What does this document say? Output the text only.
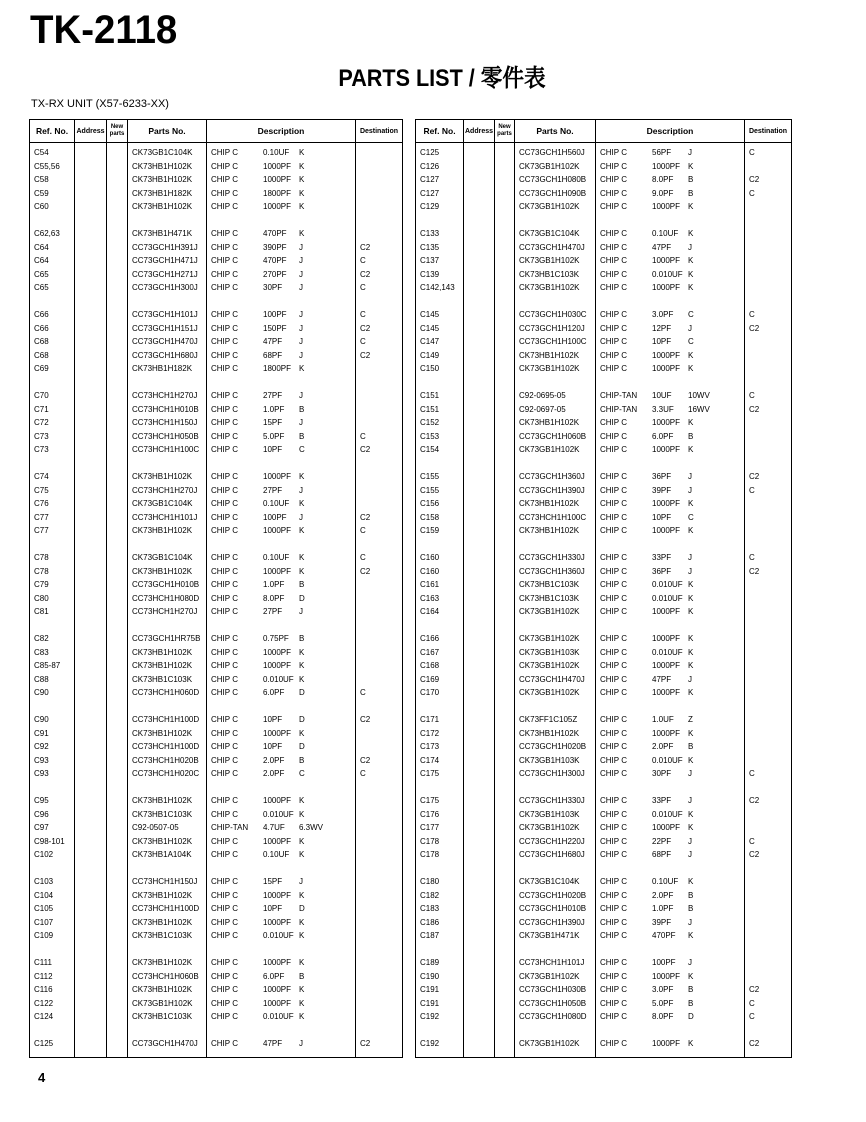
TK-2118
PARTS LIST / 零件表
TX-RX UNIT (X57-6233-XX)
Ref. No.	Address	New
parts	Parts No.	Description	Destination
C54			CK73GB1C104K	CHIP C 0.10UF K	
C55,56			CK73HB1H102K	CHIP C 1000PF K	
C58			CK73HB1H102K	CHIP C 1000PF K	
C59			CK73HB1H182K	CHIP C 1800PF K	
C60			CK73HB1H102K	CHIP C 1000PF K	

C62,63			CK73HB1H471K	CHIP C 470PF K	
C64			CC73GCH1H391J	CHIP C 390PF J	C2
C64			CC73GCH1H471J	CHIP C 470PF J	C
C65			CC73GCH1H271J	CHIP C 270PF J	C2
C65			CC73GCH1H300J	CHIP C 30PF J	C

C66			CC73GCH1H101J	CHIP C 100PF J	C
C66			CC73GCH1H151J	CHIP C 150PF J	C2
C68			CC73GCH1H470J	CHIP C 47PF J	C
C68			CC73GCH1H680J	CHIP C 68PF J	C2
C69			CK73HB1H182K	CHIP C 1800PF K	

C70			CC73HCH1H270J	CHIP C 27PF J	
C71			CC73HCH1H010B	CHIP C 1.0PF B	
C72			CC73HCH1H150J	CHIP C 15PF J	
C73			CC73HCH1H050B	CHIP C 5.0PF B	C
C73			CC73HCH1H100C	CHIP C 10PF C	C2

C74			CK73HB1H102K	CHIP C 1000PF K	
C75			CC73HCH1H270J	CHIP C 27PF J	
C76			CK73GB1C104K	CHIP C 0.10UF K	
C77			CC73HCH1H101J	CHIP C 100PF J	C2
C77			CK73HB1H102K	CHIP C 1000PF K	C

C78			CK73GB1C104K	CHIP C 0.10UF K	C
C78			CK73HB1H102K	CHIP C 1000PF K	C2
C79			CC73GCH1H010B	CHIP C 1.0PF B	
C80			CC73HCH1H080D	CHIP C 8.0PF D	
C81			CC73HCH1H270J	CHIP C 27PF J	

C82			CC73GCH1HR75B	CHIP C 0.75PF B	
C83			CK73HB1H102K	CHIP C 1000PF K	
C85-87			CK73HB1H102K	CHIP C 1000PF K	
C88			CK73HB1C103K	CHIP C 0.010UF K	
C90			CC73HCH1H060D	CHIP C 6.0PF D	C

C90			CC73HCH1H100D	CHIP C 10PF D	C2
C91			CK73HB1H102K	CHIP C 1000PF K	
C92			CC73HCH1H100D	CHIP C 10PF D	
C93			CC73HCH1H020B	CHIP C 2.0PF B	C2
C93			CC73HCH1H020C	CHIP C 2.0PF C	C

C95			CK73HB1H102K	CHIP C 1000PF K	
C96			CK73HB1C103K	CHIP C 0.010UF K	
C97			C92-0507-05	CHIP-TAN 4.7UF 6.3WV	
C98-101			CK73HB1H102K	CHIP C 1000PF K	
C102			CK73HB1A104K	CHIP C 0.10UF K	

C103			CC73HCH1H150J	CHIP C 15PF J	
C104			CK73HB1H102K	CHIP C 1000PF K	
C105			CC73HCH1H100D	CHIP C 10PF D	
C107			CK73HB1H102K	CHIP C 1000PF K	
C109			CK73HB1C103K	CHIP C 0.010UF K	

C111			CK73HB1H102K	CHIP C 1000PF K	
C112			CC73HCH1H060B	CHIP C 6.0PF B	
C116			CK73HB1H102K	CHIP C 1000PF K	
C122			CK73GB1H102K	CHIP C 1000PF K	
C124			CK73HB1C103K	CHIP C 0.010UF K	

C125			CC73GCH1H470J	CHIP C 47PF J	C2
Ref. No.	Address	New
parts	Parts No.	Description	Destination
C125			CC73GCH1H560J	CHIP C 56PF J	C
C126			CK73GB1H102K	CHIP C 1000PF K	
C127			CC73GCH1H080B	CHIP C 8.0PF B	C2
C127			CC73GCH1H090B	CHIP C 9.0PF B	C
C129			CK73GB1H102K	CHIP C 1000PF K	

C133			CK73GB1C104K	CHIP C 0.10UF K	
C135			CC73GCH1H470J	CHIP C 47PF J	
C137			CK73GB1H102K	CHIP C 1000PF K	
C139			CK73HB1C103K	CHIP C 0.010UF K	
C142,143			CK73GB1H102K	CHIP C 1000PF K	

C145			CC73GCH1H030C	CHIP C 3.0PF C	C
C145			CC73GCH1H120J	CHIP C 12PF J	C2
C147			CC73GCH1H100C	CHIP C 10PF C	
C149			CK73HB1H102K	CHIP C 1000PF K	
C150			CK73GB1H102K	CHIP C 1000PF K	

C151			C92-0695-05	CHIP-TAN 10UF 10WV	C
C151			C92-0697-05	CHIP-TAN 3.3UF 16WV	C2
C152			CK73HB1H102K	CHIP C 1000PF K	
C153			CC73GCH1H060B	CHIP C 6.0PF B	
C154			CK73GB1H102K	CHIP C 1000PF K	

C155			CC73GCH1H360J	CHIP C 36PF J	C2
C155			CC73GCH1H390J	CHIP C 39PF J	C
C156			CK73HB1H102K	CHIP C 1000PF K	
C158			CC73HCH1H100C	CHIP C 10PF C	
C159			CK73HB1H102K	CHIP C 1000PF K	

C160			CC73GCH1H330J	CHIP C 33PF J	C
C160			CC73GCH1H360J	CHIP C 36PF J	C2
C161			CK73HB1C103K	CHIP C 0.010UF K	
C163			CK73HB1C103K	CHIP C 0.010UF K	
C164			CK73GB1H102K	CHIP C 1000PF K	

C166			CK73GB1H102K	CHIP C 1000PF K	
C167			CK73GB1H103K	CHIP C 0.010UF K	
C168			CK73GB1H102K	CHIP C 1000PF K	
C169			CC73GCH1H470J	CHIP C 47PF J	
C170			CK73GB1H102K	CHIP C 1000PF K	

C171			CK73FF1C105Z	CHIP C 1.0UF Z	
C172			CK73HB1H102K	CHIP C 1000PF K	
C173			CC73GCH1H020B	CHIP C 2.0PF B	
C174			CK73GB1H103K	CHIP C 0.010UF K	
C175			CC73GCH1H300J	CHIP C 30PF J	C

C175			CC73GCH1H330J	CHIP C 33PF J	C2
C176			CK73GB1H103K	CHIP C 0.010UF K	
C177			CK73GB1H102K	CHIP C 1000PF K	
C178			CC73GCH1H220J	CHIP C 22PF J	C
C178			CC73GCH1H680J	CHIP C 68PF J	C2

C180			CK73GB1C104K	CHIP C 0.10UF K	
C182			CC73GCH1H020B	CHIP C 2.0PF B	
C183			CC73GCH1H010B	CHIP C 1.0PF B	
C186			CC73GCH1H390J	CHIP C 39PF J	
C187			CK73GB1H471K	CHIP C 470PF K	

C189			CC73HCH1H101J	CHIP C 100PF J	
C190			CK73GB1H102K	CHIP C 1000PF K	
C191			CC73GCH1H030B	CHIP C 3.0PF B	C2
C191			CC73GCH1H050B	CHIP C 5.0PF B	C
C192			CC73GCH1H080D	CHIP C 8.0PF D	C

C192			CK73GB1H102K	CHIP C 1000PF K	C2
4
